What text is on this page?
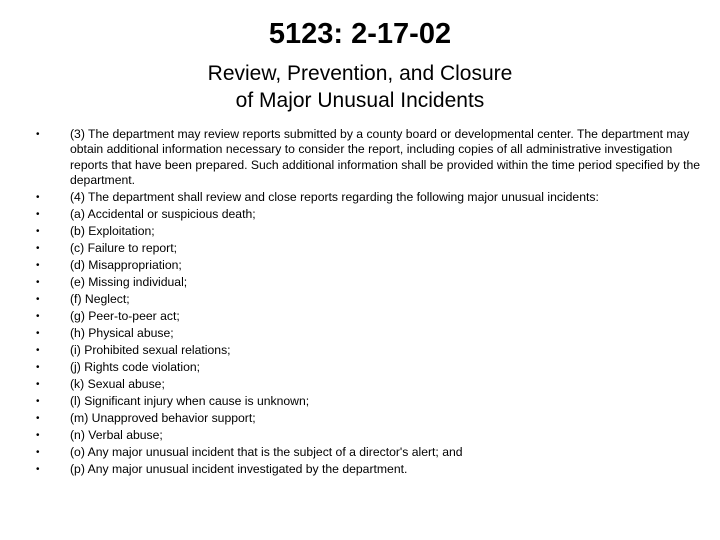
5123: 2-17-02
Review, Prevention, and Closure
of Major Unusual Incidents
•	(3) The department may review reports submitted by a county board or developmental center. The department may obtain additional information necessary to consider the report, including copies of all administrative investigation reports that have been prepared. Such additional information shall be provided within the time period specified by the department.
•	(4) The department shall review and close reports regarding the following major unusual incidents:
•	(a) Accidental or suspicious death;
•	(b) Exploitation;
•	(c) Failure to report;
•	(d) Misappropriation;
•	(e) Missing individual;
•	(f) Neglect;
•	(g) Peer-to-peer act;
•	(h) Physical abuse;
•	(i) Prohibited sexual relations;
•	(j) Rights code violation;
•	(k) Sexual abuse;
•	(l) Significant injury when cause is unknown;
•	(m) Unapproved behavior support;
•	(n) Verbal abuse;
•	(o) Any major unusual incident that is the subject of a director's alert; and
•	(p) Any major unusual incident investigated by the department.
